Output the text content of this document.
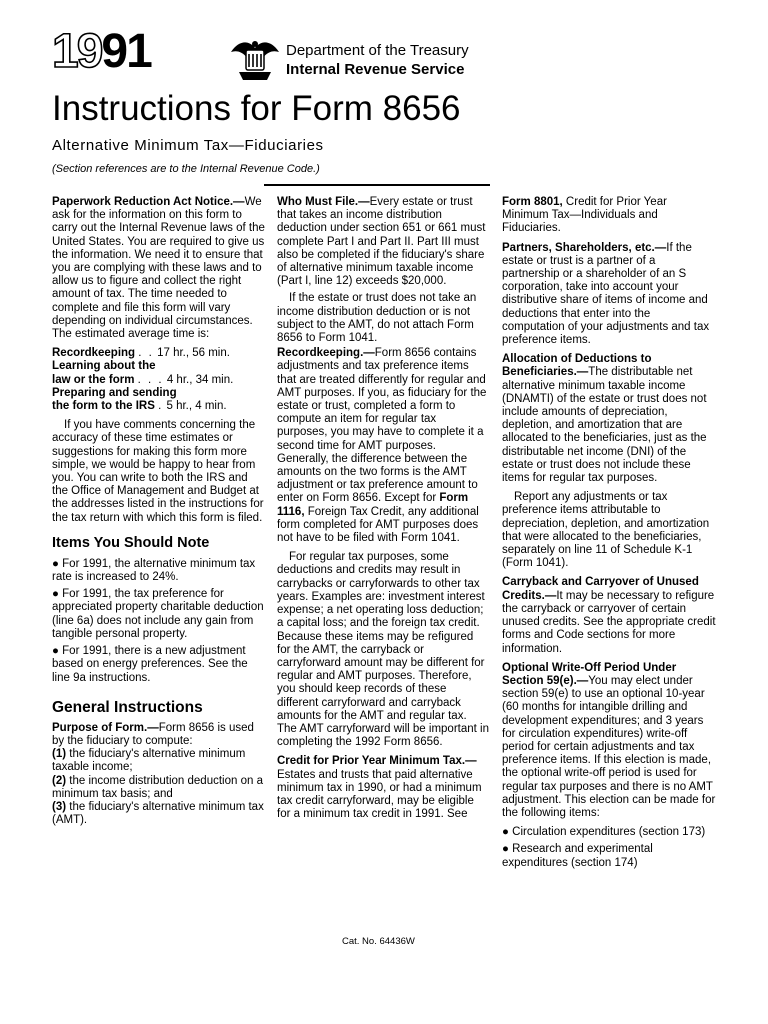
1991	Department of the Treasury
Internal Revenue Service
Instructions for Form 8656
Alternative Minimum Tax—Fiduciaries
(Section references are to the Internal Revenue Code.)

Paperwork Reduction Act Notice.—We ask for the information on this form to carry out the Internal Revenue laws of the United States. You are required to give us the information. We need it to ensure that you are complying with these laws and to allow us to figure and collect the right amount of tax. The time needed to complete and file this form will vary depending on individual circumstances. The estimated average time is:

Recordkeeping . . 17 hr., 56 min.

Learning about the

law or the form . . . 4 hr., 34 min.

Preparing and sending

the form to the IRS . 5 hr., 4 min.

If you have comments concerning the accuracy of these time estimates or suggestions for making this form more simple, we would be happy to hear from you. You can write to both the IRS and the Office of Management and Budget at the addresses listed in the instructions for the tax return with which this form is filed.

Items You Should Note

● For 1991, the alternative minimum tax rate is increased to 24%.

● For 1991, the tax preference for appreciated property charitable deduction (line 6a) does not include any gain from tangible personal property.

● For 1991, there is a new adjustment based on energy preferences. See the line 9a instructions.

General Instructions

Purpose of Form.—Form 8656 is used by the fiduciary to compute:

(1) the fiduciary's alternative minimum taxable income;

(2) the income distribution deduction on a minimum tax basis; and

(3) the fiduciary's alternative minimum tax (AMT).

Who Must File.—Every estate or trust that takes an income distribution deduction under section 651 or 661 must complete Part I and Part II. Part III must also be completed if the fiduciary's share of alternative minimum taxable income (Part I, line 12) exceeds $20,000.

If the estate or trust does not take an income distribution deduction or is not subject to the AMT, do not attach Form 8656 to Form 1041.

Recordkeeping.—Form 8656 contains adjustments and tax preference items that are treated differently for regular and AMT purposes. If you, as fiduciary for the estate or trust, completed a form to compute an item for regular tax purposes, you may have to complete it a second time for AMT purposes. Generally, the difference between the amounts on the two forms is the AMT adjustment or tax preference amount to enter on Form 8656. Except for Form 1116, Foreign Tax Credit, any additional form completed for AMT purposes does not have to be filed with Form 1041.

For regular tax purposes, some deductions and credits may result in carrybacks or carryforwards to other tax years. Examples are: investment interest expense; a net operating loss deduction; a capital loss; and the foreign tax credit. Because these items may be refigured for the AMT, the carryback or carryforward amount may be different for regular and AMT purposes. Therefore, you should keep records of these different carryforward and carryback amounts for the AMT and regular tax. The AMT carryforward will be important in completing the 1992 Form 8656.

Credit for Prior Year Minimum Tax.—Estates and trusts that paid alternative minimum tax in 1990, or had a minimum tax credit carryforward, may be eligible for a minimum tax credit in 1991. See

Form 8801, Credit for Prior Year Minimum Tax—Individuals and Fiduciaries.

Partners, Shareholders, etc.—If the estate or trust is a partner of a partnership or a shareholder of an S corporation, take into account your distributive share of items of income and deductions that enter into the computation of your adjustments and tax preference items.

Allocation of Deductions to Beneficiaries.—The distributable net alternative minimum taxable income (DNAMTI) of the estate or trust does not include amounts of depreciation, depletion, and amortization that are allocated to the beneficiaries, just as the distributable net income (DNI) of the estate or trust does not include these items for regular tax purposes.

Report any adjustments or tax preference items attributable to depreciation, depletion, and amortization that were allocated to the beneficiaries, separately on line 11 of Schedule K-1 (Form 1041).

Carryback and Carryover of Unused Credits.—It may be necessary to refigure the carryback or carryover of certain unused credits. See the appropriate credit forms and Code sections for more information.

Optional Write-Off Period Under Section 59(e).—You may elect under section 59(e) to use an optional 10-year (60 months for intangible drilling and development expenditures; and 3 years for circulation expenditures) write-off period for certain adjustments and tax preference items. If this election is made, the optional write-off period is used for regular tax purposes and there is no AMT adjustment. This election can be made for the following items:

● Circulation expenditures (section 173)

● Research and experimental expenditures (section 174)

Cat. No. 64436W
